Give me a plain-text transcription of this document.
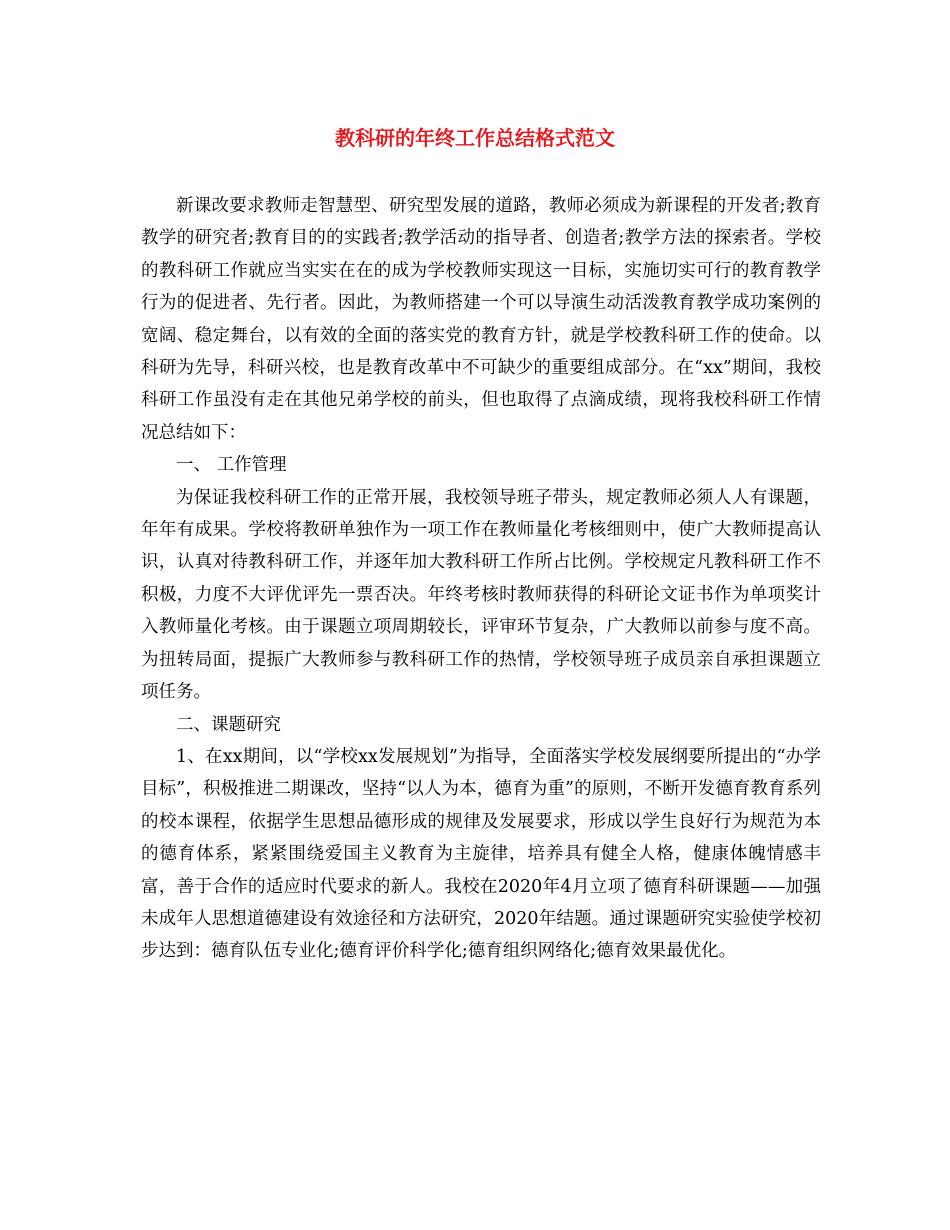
教科研的年终工作总结格式范文

新课改要求教师走智慧型、研究型发展的道路，教师必须成为新课程的开发者;教育教学的研究者;教育目的的实践者;教学活动的指导者、创造者;教学方法的探索者。学校的教科研工作就应当实实在在的成为学校教师实现这一目标，实施切实可行的教育教学行为的促进者、先行者。因此，为教师搭建一个可以导演生动活泼教育教学成功案例的宽阔、稳定舞台，以有效的全面的落实党的教育方针，就是学校教科研工作的使命。以科研为先导，科研兴校，也是教育改革中不可缺少的重要组成部分。在“xx”期间，我校科研工作虽没有走在其他兄弟学校的前头，但也取得了点滴成绩，现将我校科研工作情况总结如下：

一、 工作管理

为保证我校科研工作的正常开展，我校领导班子带头，规定教师必须人人有课题，年年有成果。学校将教研单独作为一项工作在教师量化考核细则中，使广大教师提高认识，认真对待教科研工作，并逐年加大教科研工作所占比例。学校规定凡教科研工作不积极，力度不大评优评先一票否决。年终考核时教师获得的科研论文证书作为单项奖计入教师量化考核。由于课题立项周期较长，评审环节复杂，广大教师以前参与度不高。为扭转局面，提振广大教师参与教科研工作的热情，学校领导班子成员亲自承担课题立项任务。

二、课题研究

1、在xx期间，以“学校xx发展规划”为指导，全面落实学校发展纲要所提出的“办学目标”，积极推进二期课改，坚持“以人为本，德育为重”的原则，不断开发德育教育系列的校本课程，依据学生思想品德形成的规律及发展要求，形成以学生良好行为规范为本的德育体系，紧紧围绕爱国主义教育为主旋律，培养具有健全人格，健康体魄情感丰富，善于合作的适应时代要求的新人。我校在2020年4月立项了德育科研课题——加强未成年人思想道德建设有效途径和方法研究，2020年结题。通过课题研究实验使学校初步达到：德育队伍专业化;德育评价科学化;德育组织网络化;德育效果最优化。
